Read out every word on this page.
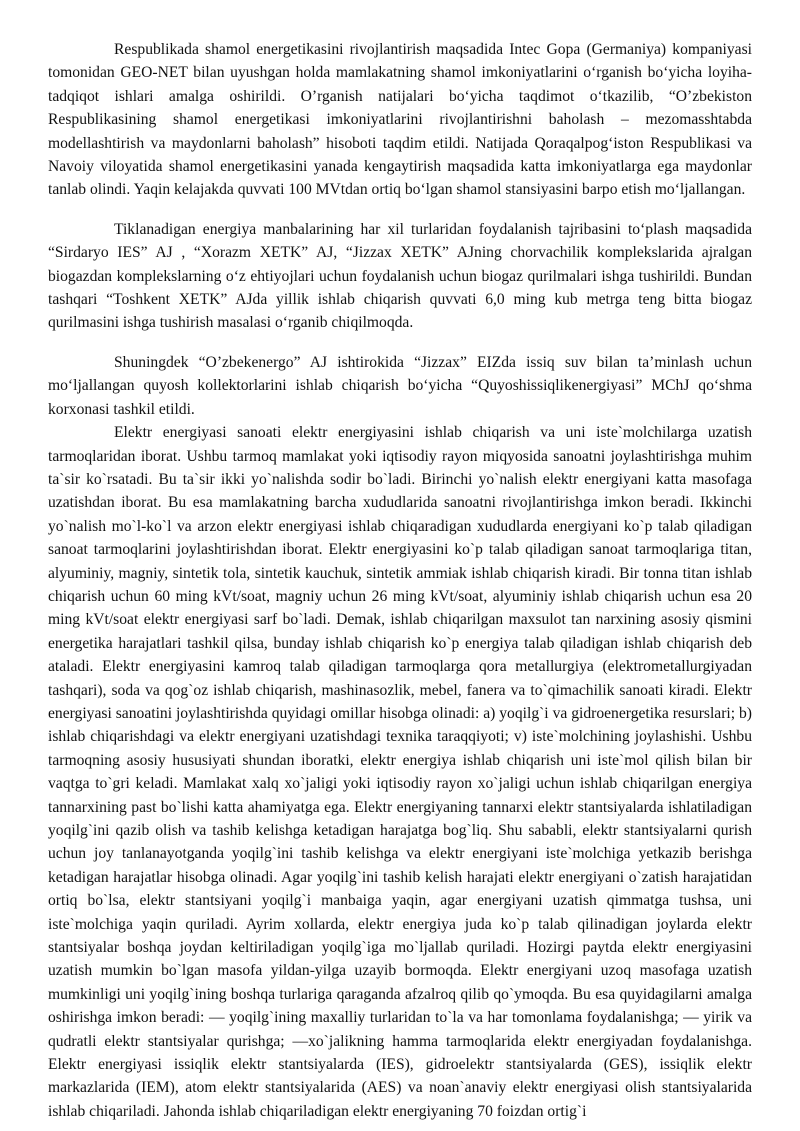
Respublikada shamol energetikasini rivojlantirish maqsadida Intec Gopa (Germaniya) kompaniyasi tomonidan GEO-NET bilan uyushgan holda mamlakatning shamol imkoniyatlarini o‘rganish bo‘yicha loyiha-tadqiqot ishlari amalga oshirildi. O’rganish natijalari bo‘yicha taqdimot o‘tkazilib, “O’zbekiston Respublikasining shamol energetikasi imkoniyatlarini rivojlantirishni baholash – mezomasshtabda modellashtirish va maydonlarni baholash” hisoboti taqdim etildi. Natijada Qoraqalpog‘iston Respublikasi va Navoiy viloyatida shamol energetikasini yanada kengaytirish maqsadida katta imkoniyatlarga ega maydonlar tanlab olindi. Yaqin kelajakda quvvati 100 MVtdan ortiq bo‘lgan shamol stansiyasini barpo etish mo‘ljallangan.

Tiklanadigan energiya manbalarining har xil turlaridan foydalanish tajribasini to‘plash maqsadida “Sirdaryo IES” AJ , “Xorazm XETK” AJ, “Jizzax XETK” AJning chorvachilik komplekslarida ajralgan biogazdan komplekslarning o‘z ehtiyojlari uchun foydalanish uchun biogaz qurilmalari ishga tushirildi. Bundan tashqari “Toshkent XETK” AJda yillik ishlab chiqarish quvvati 6,0 ming kub metrga teng bitta biogaz qurilmasini ishga tushirish masalasi o‘rganib chiqilmoqda.

Shuningdek “O’zbekenergo” AJ ishtirokida “Jizzax” EIZda issiq suv bilan ta’minlash uchun mo‘ljallangan quyosh kollektorlarini ishlab chiqarish bo‘yicha “Quyoshissiqlikenergiyasi” MChJ qo‘shma korxonasi tashkil etildi.

Elektr energiyasi sanoati elektr energiyasini ishlab chiqarish va uni iste`molchilarga uzatish tarmoqlaridan iborat. Ushbu tarmoq mamlakat yoki iqtisodiy rayon miqyosida sanoatni joylashtirishga muhim ta`sir ko`rsatadi. Bu ta`sir ikki yo`nalishda sodir bo`ladi. Birinchi yo`nalish elektr energiyani katta masofaga uzatishdan iborat. Bu esa mamlakatning barcha xududlarida sanoatni rivojlantirishga imkon beradi. Ikkinchi yo`nalish mo`l-ko`l va arzon elektr energiyasi ishlab chiqaradigan xududlarda energiyani ko`p talab qiladigan sanoat tarmoqlarini joylashtirishdan iborat. Elektr energiyasini ko`p talab qiladigan sanoat tarmoqlariga titan, alyuminiy, magniy, sintetik tola, sintetik kauchuk, sintetik ammiak ishlab chiqarish kiradi. Bir tonna titan ishlab chiqarish uchun 60 ming kVt/soat, magniy uchun 26 ming kVt/soat, alyuminiy ishlab chiqarish uchun esa 20 ming kVt/soat elektr energiyasi sarf bo`ladi. Demak, ishlab chiqarilgan maxsulot tan narxining asosiy qismini energetika harajatlari tashkil qilsa, bunday ishlab chiqarish ko`p energiya talab qiladigan ishlab chiqarish deb ataladi. Elektr energiyasini kamroq talab qiladigan tarmoqlarga qora metallurgiya (elektrometallurgiyadan tashqari), soda va qog`oz ishlab chiqarish, mashinasozlik, mebel, fanera va to`qimachilik sanoati kiradi. Elektr energiyasi sanoatini joylashtirishda quyidagi omillar hisobga olinadi: a) yoqilg`i va gidroenergetika resurslari; b) ishlab chiqarishdagi va elektr energiyani uzatishdagi texnika taraqqiyoti; v) iste`molchining joylashishi. Ushbu tarmoqning asosiy hususiyati shundan iboratki, elektr energiya ishlab chiqarish uni iste`mol qilish bilan bir vaqtga to`gri keladi. Mamlakat xalq xo`jaligi yoki iqtisodiy rayon xo`jaligi uchun ishlab chiqarilgan energiya tannarxining past bo`lishi katta ahamiyatga ega. Elektr energiyaning tannarxi elektr stantsiyalarda ishlatiladigan yoqilg`ini qazib olish va tashib kelishga ketadigan harajatga bog`liq. Shu sababli, elektr stantsiyalarni qurish uchun joy tanlanayotganda yoqilg`ini tashib kelishga va elektr energiyani iste`molchiga yetkazib berishga ketadigan harajatlar hisobga olinadi. Agar yoqilg`ini tashib kelish harajati elektr energiyani o`zatish harajatidan ortiq bo`lsa, elektr stantsiyani yoqilg`i manbaiga yaqin, agar energiyani uzatish qimmatga tushsa, uni iste`molchiga yaqin quriladi. Ayrim xollarda, elektr energiya juda ko`p talab qilinadigan joylarda elektr stantsiyalar boshqa joydan keltiriladigan yoqilg`iga mo`ljallab quriladi. Hozirgi paytda elektr energiyasini uzatish mumkin bo`lgan masofa yildan-yilga uzayib bormoqda. Elektr energiyani uzoq masofaga uzatish mumkinligi uni yoqilg`ining boshqa turlariga qaraganda afzalroq qilib qo`ymoqda. Bu esa quyidagilarni amalga oshirishga imkon beradi: — yoqilg`ining maxalliy turlaridan to`la va har tomonlama foydalanishga; — yirik va qudratli elektr stantsiyalar qurishga; —xo`jalikning hamma tarmoqlarida elektr energiyadan foydalanishga. Elektr energiyasi issiqlik elektr stantsiyalarda (IES), gidroelektr stantsiyalarda (GES), issiqlik elektr markazlarida (IEM), atom elektr stantsiyalarida (AES) va noan`anaviy elektr energiyasi olish stantsiyalarida ishlab chiqariladi. Jahonda ishlab chiqariladigan elektr energiyaning 70 foizdan ortig`i
